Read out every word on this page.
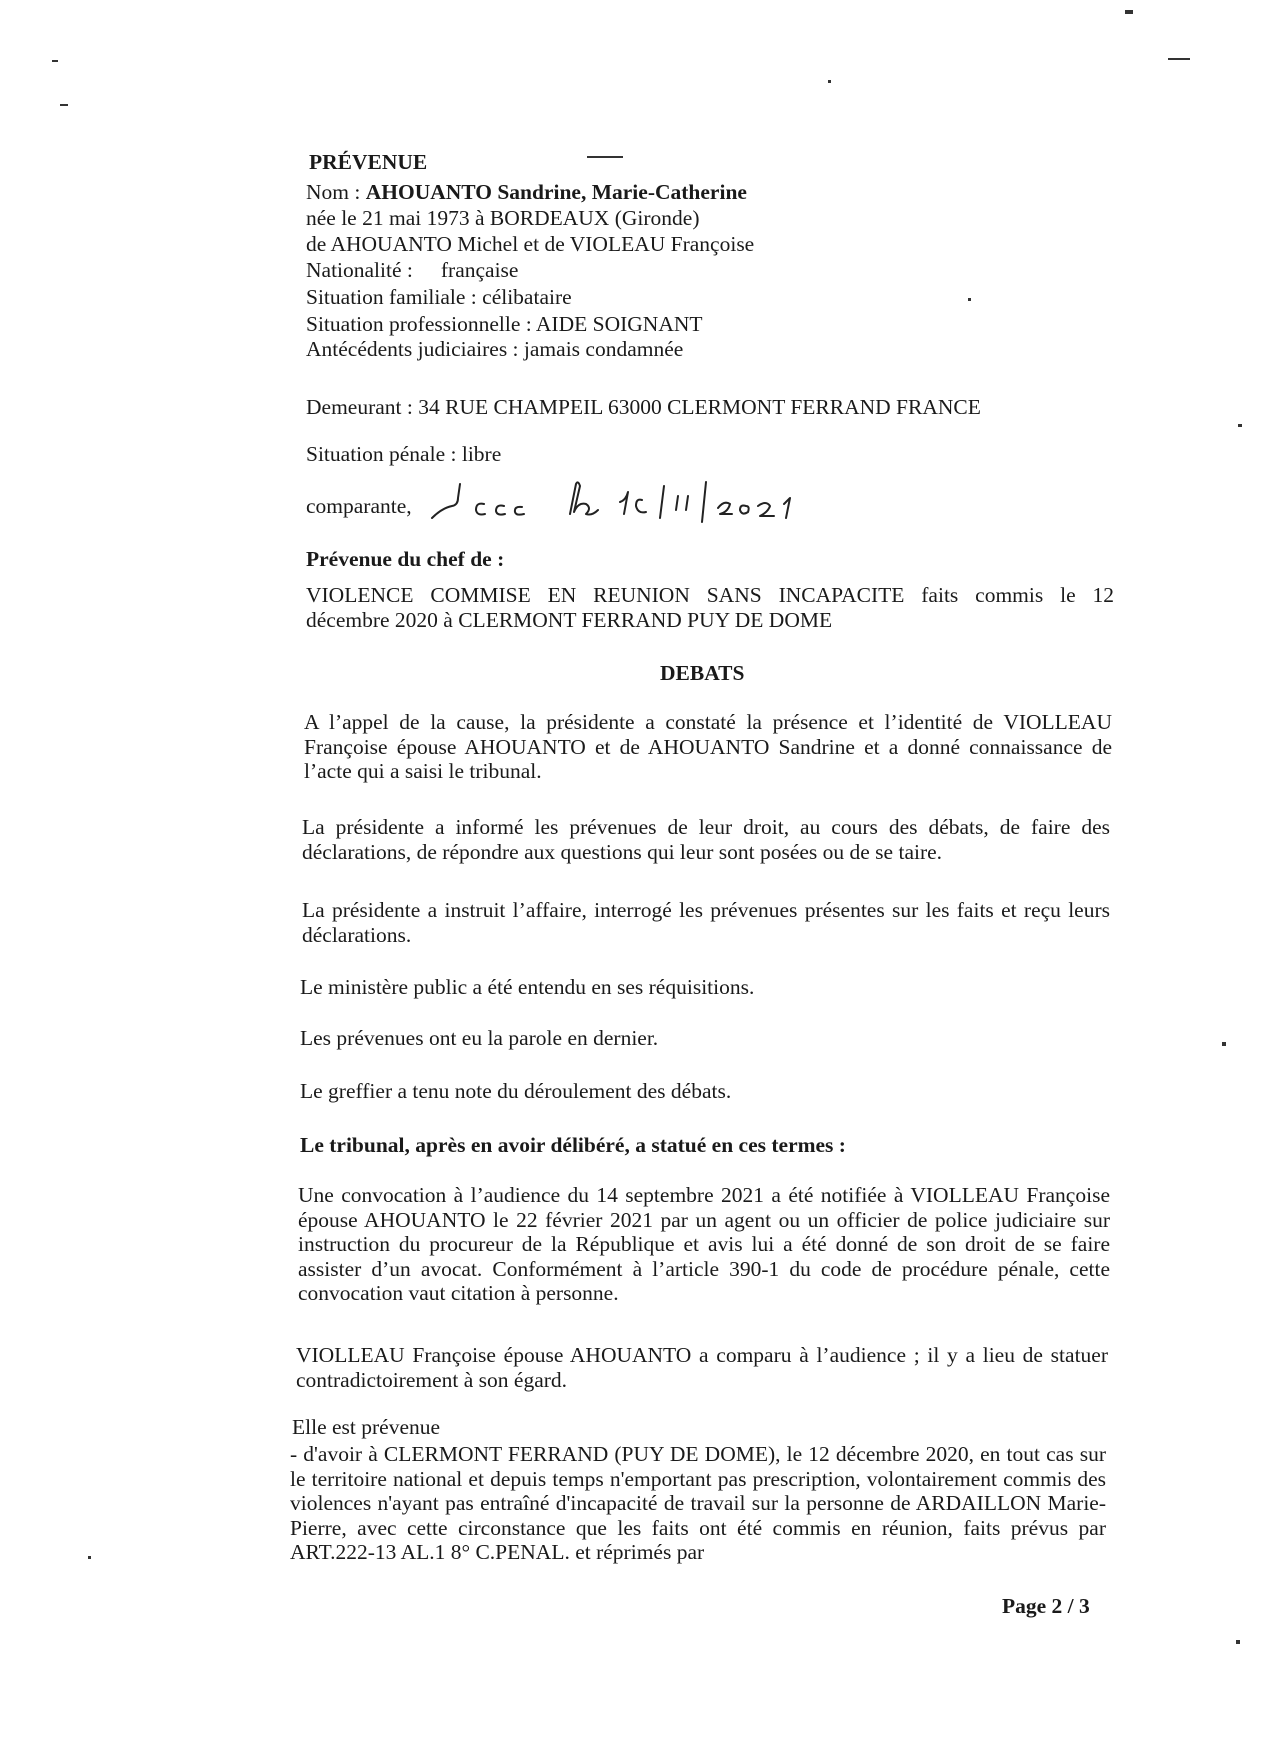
PRÉVENUE
Nom : AHOUANTO Sandrine, Marie-Catherine
née le 21 mai 1973 à BORDEAUX (Gironde)
de AHOUANTO Michel et de VIOLEAU Françoise
Nationalité : française
Situation familiale : célibataire
Situation professionnelle : AIDE SOIGNANT
Antécédents judiciaires : jamais condamnée
Demeurant : 34 RUE CHAMPEIL 63000 CLERMONT FERRAND FRANCE
Situation pénale : libre
comparante,
Prévenue du chef de :
VIOLENCE COMMISE EN REUNION SANS INCAPACITE faits commis le 12
décembre 2020 à CLERMONT FERRAND PUY DE DOME
DEBATS
A l’appel de la cause, la présidente a constaté la présence et l’identité de VIOLLEAU Françoise épouse AHOUANTO et de AHOUANTO Sandrine et a donné connaissance de l’acte qui a saisi le tribunal.
La présidente a informé les prévenues de leur droit, au cours des débats, de faire des déclarations, de répondre aux questions qui leur sont posées ou de se taire.
La présidente a instruit l’affaire, interrogé les prévenues présentes sur les faits et reçu leurs déclarations.
Le ministère public a été entendu en ses réquisitions.
Les prévenues ont eu la parole en dernier.
Le greffier a tenu note du déroulement des débats.
Le tribunal, après en avoir délibéré, a statué en ces termes :
Une convocation à l’audience du 14 septembre 2021 a été notifiée à VIOLLEAU Françoise épouse AHOUANTO le 22 février 2021 par un agent ou un officier de police judiciaire sur instruction du procureur de la République et avis lui a été donné de son droit de se faire assister d’un avocat. Conformément à l’article 390-1 du code de procédure pénale, cette convocation vaut citation à personne.
VIOLLEAU Françoise épouse AHOUANTO a comparu à l’audience ; il y a lieu de statuer contradictoirement à son égard.
Elle est prévenue
- d'avoir à CLERMONT FERRAND (PUY DE DOME), le 12 décembre 2020, en tout cas sur le territoire national et depuis temps n'emportant pas prescription, volontairement commis des violences n'ayant pas entraîné d'incapacité de travail sur la personne de ARDAILLON Marie-Pierre, avec cette circonstance que les faits ont été commis en réunion, faits prévus par ART.222-13 AL.1 8° C.PENAL. et réprimés par
Page 2 / 3
